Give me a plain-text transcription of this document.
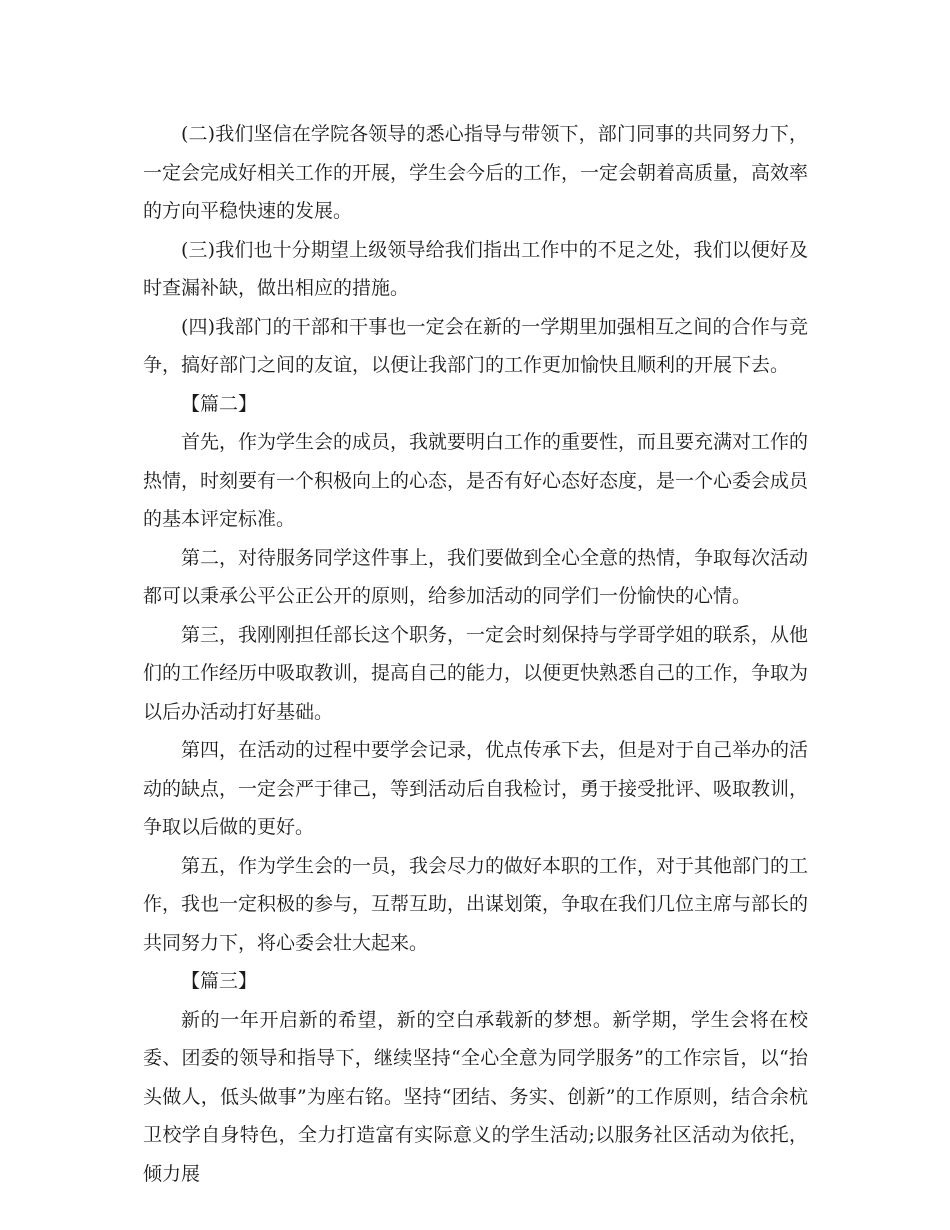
(二)我们坚信在学院各领导的悉心指导与带领下，部门同事的共同努力下，一定会完成好相关工作的开展，学生会今后的工作，一定会朝着高质量，高效率的方向平稳快速的发展。

(三)我们也十分期望上级领导给我们指出工作中的不足之处，我们以便好及时查漏补缺，做出相应的措施。

(四)我部门的干部和干事也一定会在新的一学期里加强相互之间的合作与竞争，搞好部门之间的友谊，以便让我部门的工作更加愉快且顺利的开展下去。

【篇二】

首先，作为学生会的成员，我就要明白工作的重要性，而且要充满对工作的热情，时刻要有一个积极向上的心态，是否有好心态好态度，是一个心委会成员的基本评定标准。

第二，对待服务同学这件事上，我们要做到全心全意的热情，争取每次活动都可以秉承公平公正公开的原则，给参加活动的同学们一份愉快的心情。

第三，我刚刚担任部长这个职务，一定会时刻保持与学哥学姐的联系，从他们的工作经历中吸取教训，提高自己的能力，以便更快熟悉自己的工作，争取为以后办活动打好基础。

第四，在活动的过程中要学会记录，优点传承下去，但是对于自己举办的活动的缺点，一定会严于律己，等到活动后自我检讨，勇于接受批评、吸取教训，争取以后做的更好。

第五，作为学生会的一员，我会尽力的做好本职的工作，对于其他部门的工作，我也一定积极的参与，互帮互助，出谋划策，争取在我们几位主席与部长的共同努力下，将心委会壮大起来。

【篇三】

新的一年开启新的希望，新的空白承载新的梦想。新学期，学生会将在校委、团委的领导和指导下，继续坚持“全心全意为同学服务”的工作宗旨，以“抬头做人，低头做事”为座右铭。坚持“团结、务实、创新”的工作原则，结合余杭卫校学自身特色，全力打造富有实际意义的学生活动;以服务社区活动为依托，倾力展
